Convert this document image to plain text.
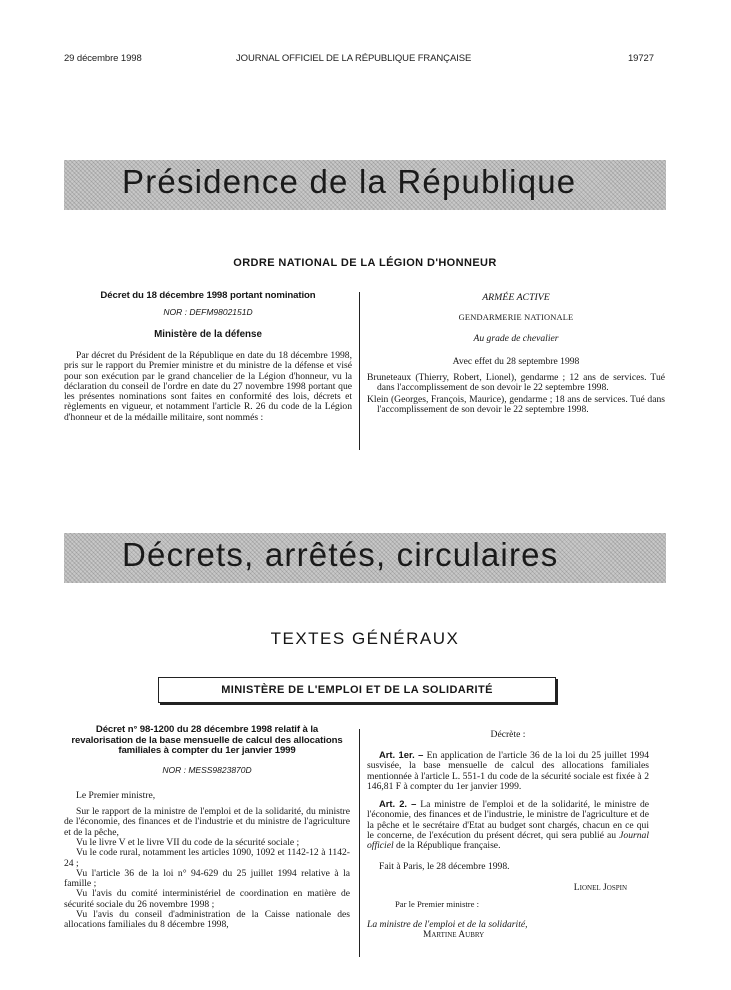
29 décembre 1998	JOURNAL OFFICIEL DE LA RÉPUBLIQUE FRANÇAISE	19727
Présidence de la République
ORDRE NATIONAL DE LA LÉGION D'HONNEUR
Décret du 18 décembre 1998 portant nomination
NOR : DEFM9802151D
Ministère de la défense

Par décret du Président de la République en date du 18 décembre 1998, pris sur le rapport du Premier ministre et du ministre de la défense et visé pour son exécution par le grand chancelier de la Légion d'honneur, vu la déclaration du conseil de l'ordre en date du 27 novembre 1998 portant que les présentes nominations sont faites en conformité des lois, décrets et règlements en vigueur, et notamment l'article R. 26 du code de la Légion d'honneur et de la médaille militaire, sont nommés :

ARMÉE ACTIVE
GENDARMERIE NATIONALE
Au grade de chevalier
Avec effet du 28 septembre 1998

Bruneteaux (Thierry, Robert, Lionel), gendarme ; 12 ans de services. Tué dans l'accomplissement de son devoir le 22 septembre 1998.

Klein (Georges, François, Maurice), gendarme ; 18 ans de services. Tué dans l'accomplissement de son devoir le 22 septembre 1998.

Décrets, arrêtés, circulaires
TEXTES GÉNÉRAUX
MINISTÈRE DE L'EMPLOI ET DE LA SOLIDARITÉ
Décret n° 98-1200 du 28 décembre 1998 relatif à la revalorisation de la base mensuelle de calcul des allocations familiales à compter du 1er janvier 1999
NOR : MESS9823870D

Le Premier ministre,

Sur le rapport de la ministre de l'emploi et de la solidarité, du ministre de l'économie, des finances et de l'industrie et du ministre de l'agriculture et de la pêche,

Vu le livre V et le livre VII du code de la sécurité sociale ;

Vu le code rural, notamment les articles 1090, 1092 et 1142-12 à 1142-24 ;

Vu l'article 36 de la loi n° 94-629 du 25 juillet 1994 relative à la famille ;

Vu l'avis du comité interministériel de coordination en matière de sécurité sociale du 26 novembre 1998 ;

Vu l'avis du conseil d'administration de la Caisse nationale des allocations familiales du 8 décembre 1998,

Décrète :

Art. 1er. – En application de l'article 36 de la loi du 25 juillet 1994 susvisée, la base mensuelle de calcul des allocations familiales mentionnée à l'article L. 551-1 du code de la sécurité sociale est fixée à 2 146,81 F à compter du 1er janvier 1999.

Art. 2. – La ministre de l'emploi et de la solidarité, le ministre de l'économie, des finances et de l'industrie, le ministre de l'agriculture et de la pêche et le secrétaire d'Etat au budget sont chargés, chacun en ce qui le concerne, de l'exécution du présent décret, qui sera publié au Journal officiel de la République française.

Fait à Paris, le 28 décembre 1998.

Lionel Jospin
Par le Premier ministre :
La ministre de l'emploi et de la solidarité,
Martine Aubry
